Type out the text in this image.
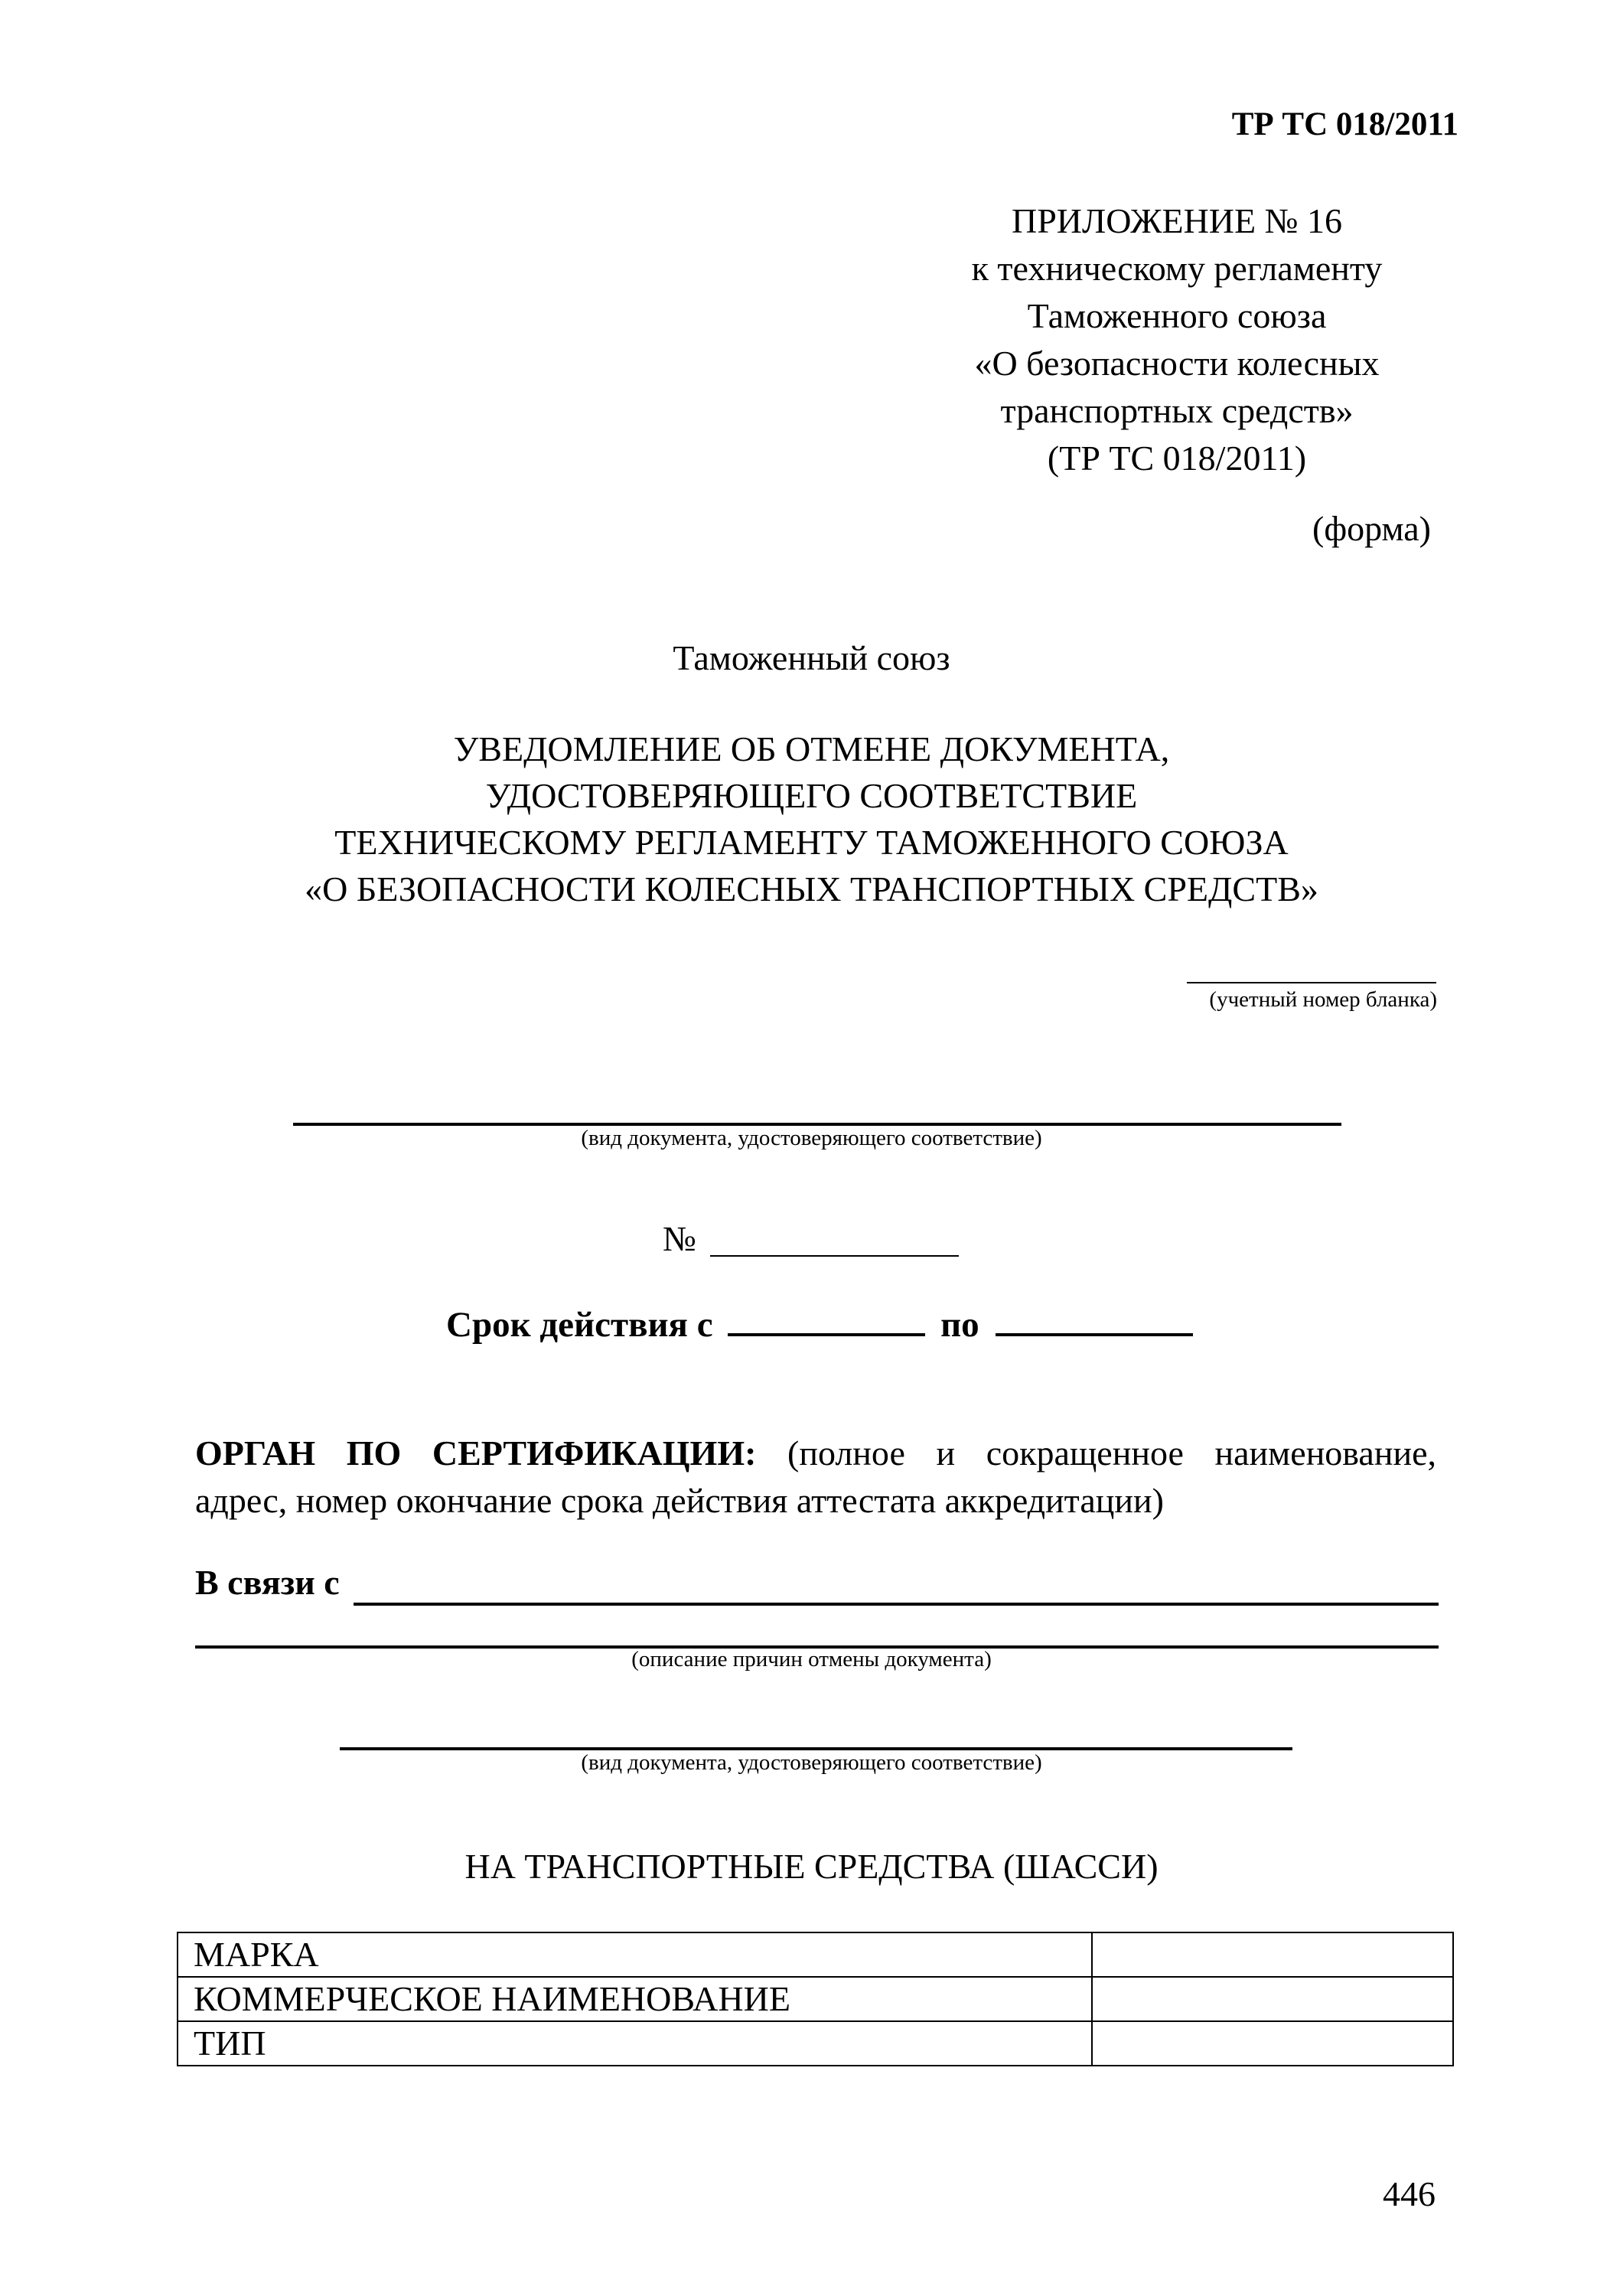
ТР ТС 018/2011
ПРИЛОЖЕНИЕ № 16
к техническому регламенту
Таможенного союза
«О безопасности колесных
транспортных средств»
(ТР ТС 018/2011)
(форма)
Таможенный союз
УВЕДОМЛЕНИЕ ОБ ОТМЕНЕ ДОКУМЕНТА,
УДОСТОВЕРЯЮЩЕГО СООТВЕТСТВИЕ
ТЕХНИЧЕСКОМУ РЕГЛАМЕНТУ ТАМОЖЕННОГО СОЮЗА
«О БЕЗОПАСНОСТИ КОЛЕСНЫХ ТРАНСПОРТНЫХ СРЕДСТВ»
(учетный номер бланка)
(вид документа, удостоверяющего соответствие)
№
Срок действия с	по
ОРГАН ПО СЕРТИФИКАЦИИ: (полное и сокращенное наименование,
адрес, номер окончание срока действия аттестата аккредитации)
В связи с
(описание причин отмены документа)
(вид документа, удостоверяющего соответствие)
НА ТРАНСПОРТНЫЕ СРЕДСТВА (ШАССИ)
МАРКА	
КОММЕРЧЕСКОЕ НАИМЕНОВАНИЕ	
ТИП	
446
